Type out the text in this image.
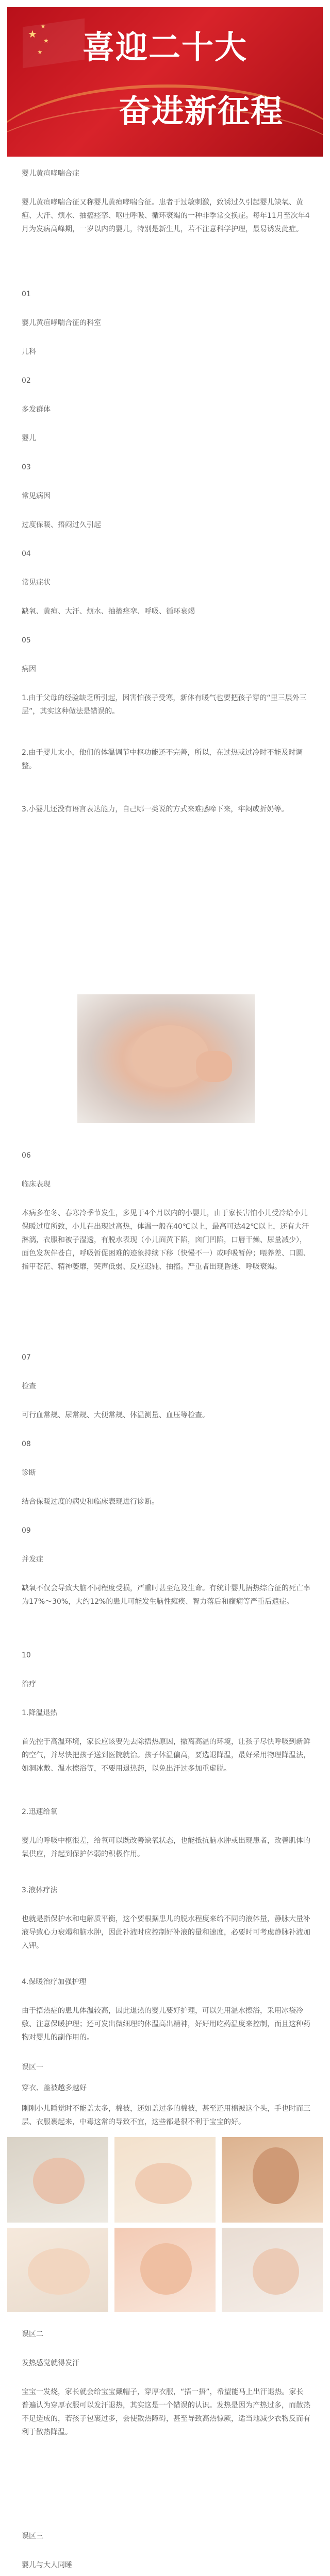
★
★
★
★	喜迎二十大
奋进新征程

婴儿黄疸哮喘合症

婴儿黄疸哮喘合征又称婴儿黄疸哮喘合征。患者于过敏刺激，致诱过久引起婴儿缺氧、黄疸、大汗、烦水、抽搐痉挛、呕吐呼吸、循环衰竭的一种非季常交换症。每年11月至次年4月为发病高峰期，一岁以内的婴儿，特别是新生儿，若不注意科学护理，最易诱发此症。

01

婴儿黄疸哮喘合征的科室

儿科

02

多发群体

婴儿

03

常见病因

过度保暖、捂闷过久引起

04

常见症状

缺氧、黄疸、大汗、烦水、抽搐痉挛、呼吸、循环衰竭

05

病因

1.由于父母的经验缺乏所引起，因害怕孩子受寒，新体有暖气也要把孩子穿的“里三层外三层”，其实这种做法是错误的。

2.由于婴儿太小，他们的体温调节中枢功能还不完善，所以，在过热或过冷时不能及时调整。

3.小婴儿还没有语言表达能力，自己哪一类说的方式来难感啼下来，牢闷或折奶等。

06

临床表现

本病多在冬、春寒冷季节发生，多见于4个月以内的小婴儿，由于家长害怕小儿受冷给小儿保暖过度所致，小儿在出现过高热，体温一般在40℃以上，最高可达42℃以上，还有大汗淋漓，衣服和被子湿透，有脱水表现（小儿面黄下陷，囟门凹陷，口唇干燥、尿量减少），面色发灰伴苍白，呼吸暂促困难的迹象持续下移（快慢不一）或呼吸暂停；喂养差、口圆、指甲苍茫、精神萎靡，哭声低弱、反应迟钝、抽搐。严重者出现昏迷、呼吸衰竭。

07

检查

可行血常规、尿常规、大便常规、体温测量、血压等检查。

08

诊断

结合保暖过度的病史和临床表现进行诊断。

09

并发症

缺氧不仅会导致大脑不同程度受损，严重时甚至危及生命。有统计婴儿捂热综合征的死亡率为17%～30%，大约12%的患儿可能发生脑性瘫痪、智力落后和癫痫等严重后遗症。

10

治疗

1.降温退热

首先控于高温环境，家长应该要先去除捂热原因，撤离高温的环境，让孩子尽快呼吸到新鲜的空气，并尽快把孩子送到医院就治。孩子体温偏高，要选退降温，最好采用物理降温法，如洞冰敷、温水擦浴等，不要用退热药，以免出汗过多加重虚脱。

2.迅速给氧

婴儿的呼吸中枢很差，给氧可以既改善缺氧状态，也能抵抗脑水肿或出现患者，改善肌体的氧供应，并起到保护体弱的积极作用。

3.液体疗法

也就是指保护水和电解质平衡，这个要根据患儿的脱水程度来给不同的液体量，静脉大量补液导致心力衰竭和脑水肿，因此补液时应控制好补液的量和速度，必要时可考虑静脉补液加入钾。

4.保暖治疗加强护理

由于捂热症的患儿体温较高，因此退热的婴儿要好护理，可以先用温水擦浴，采用冰袋冷敷、注意保暖护理；还可发出微细理的体温高出精神，好好用吃药温度来控制，而且这种药物对婴儿的副作用的。

误区一

穿衣、盖被越多越好

刚刚小儿睡觉时不能盖太多，棉被，还如盖过多的棉被，甚至还用棉被这个头，手也时而三层、衣服裹起来，中毒这常的导致不宜，这些都是很不利于宝宝的好。

误区二

发热感觉就得发汗

宝宝一发烧，家长就会给宝宝戴帽子，穿厚衣服，“捂一捂”，希望能马上出汗退热。家长普遍认为穿厚衣服可以发汗退热，其实这是一个错误的认识。发热是因为产热过多，而散热不足造成的，若孩子包裹过多，会使散热障碍，甚至导致高热惊厥，适当地减少衣物反而有利于散热降温。

误区三

婴儿与大人同睡
